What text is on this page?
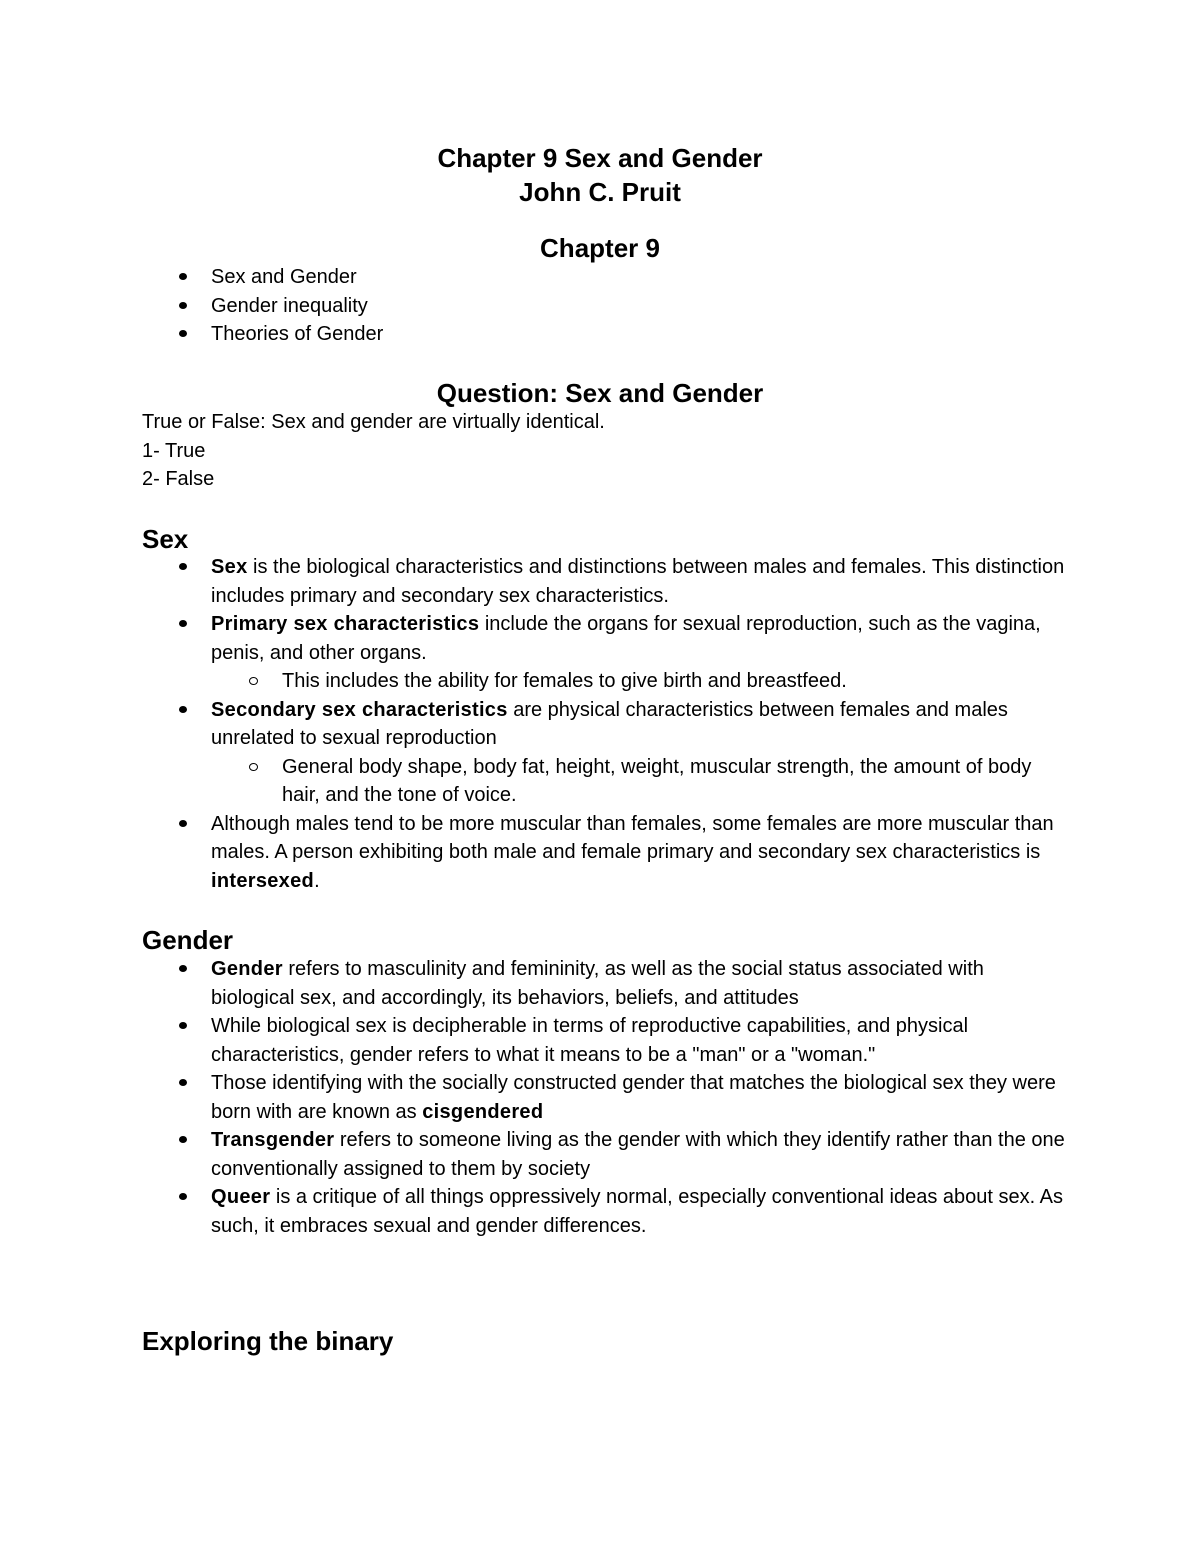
Chapter 9 Sex and Gender
John C. Pruit
Chapter 9
Sex and Gender
Gender inequality
Theories of Gender
Question: Sex and Gender
True or False: Sex and gender are virtually identical.
1- True
2- False
Sex
Sex is the biological characteristics and distinctions between males and females. This distinction includes primary and secondary sex characteristics.
Primary sex characteristics include the organs for sexual reproduction, such as the vagina, penis, and other organs.
This includes the ability for females to give birth and breastfeed.
Secondary sex characteristics are physical characteristics between females and males unrelated to sexual reproduction
General body shape, body fat, height, weight, muscular strength, the amount of body hair, and the tone of voice.
Although males tend to be more muscular than females, some females are more muscular than males. A person exhibiting both male and female primary and secondary sex characteristics is intersexed.
Gender
Gender refers to masculinity and femininity, as well as the social status associated with biological sex, and accordingly, its behaviors, beliefs, and attitudes
While biological sex is decipherable in terms of reproductive capabilities, and physical characteristics, gender refers to what it means to be a "man" or a "woman."
Those identifying with the socially constructed gender that matches the biological sex they were born with are known as cisgendered
Transgender refers to someone living as the gender with which they identify rather than the one conventionally assigned to them by society
Queer is a critique of all things oppressively normal, especially conventional ideas about sex. As such, it embraces sexual and gender differences.
Exploring the binary
